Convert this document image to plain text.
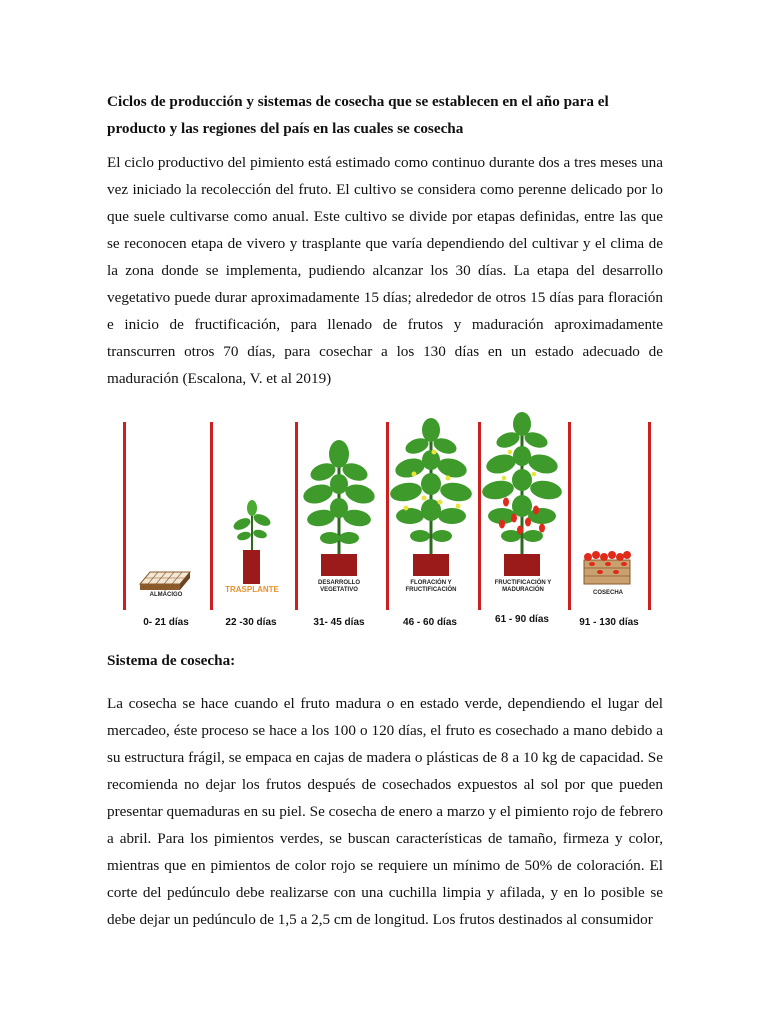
Ciclos de producción y sistemas de cosecha que se establecen en el año para el producto y las regiones del país en las cuales se cosecha

El ciclo productivo del pimiento está estimado como continuo durante dos a tres meses una vez iniciado la recolección del fruto. El cultivo se considera como perenne delicado por lo que suele cultivarse como anual. Este cultivo se divide por etapas definidas, entre las que se reconocen etapa de vivero y trasplante que varía dependiendo del cultivar y el clima de la zona donde se implementa, pudiendo alcanzar los 30 días. La etapa del desarrollo vegetativo puede durar aproximadamente 15 días; alrededor de otros 15 días para floración e inicio de fructificación, para llenado de frutos y maduración aproximadamente transcurren otros 70 días, para cosechar a los 130 días en un estado adecuado de maduración (Escalona, V. et al 2019)

ALMÁCIGO
TRASPLANTE
DESARROLLO VEGETATIVO
FLORACIÓN Y FRUCTIFICACIÓN
FRUCTIFICACIÓN Y MADURACIÓN	COSECHA
0- 21 días	22 -30 días	31- 45 días	46 - 60 días	61 - 90 días	91 - 130 días

Sistema de cosecha:

La cosecha se hace cuando el fruto madura o en estado verde, dependiendo el lugar del mercadeo, éste proceso se hace a los 100 o 120 días, el fruto es cosechado a mano debido a su estructura frágil, se empaca en cajas de madera o plásticas de 8 a 10 kg de capacidad. Se recomienda no dejar los frutos después de cosechados expuestos al sol por que pueden presentar quemaduras en su piel. Se cosecha de enero a marzo y el pimiento rojo de febrero a abril. Para los pimientos verdes, se buscan características de tamaño, firmeza y color, mientras que en pimientos de color rojo se requiere un mínimo de 50% de coloración. El corte del pedúnculo debe realizarse con una cuchilla limpia y afilada, y en lo posible se debe dejar un pedúnculo de 1,5 a 2,5 cm de longitud. Los frutos destinados al consumidor
